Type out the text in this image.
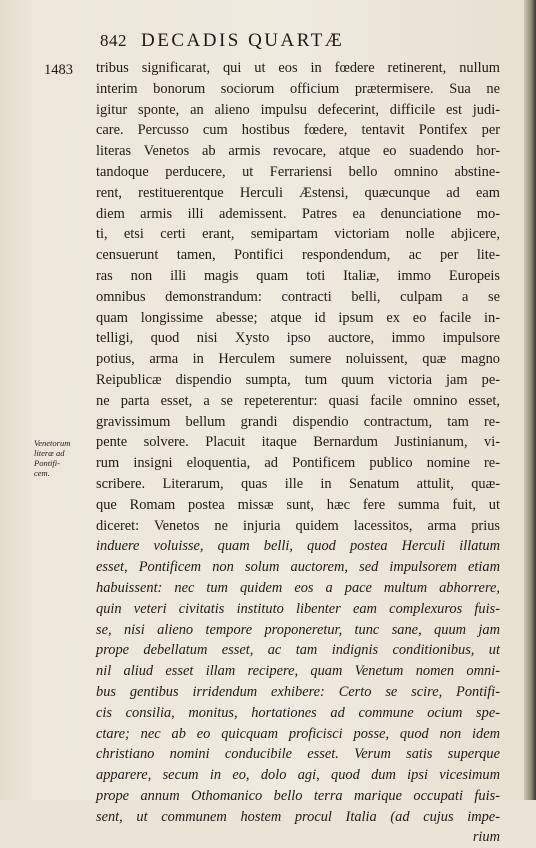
842 DECADIS QUARTÆ
1483
Venetorum
literæ ad
Pontifi-
cem.
tribus significarat, qui ut eos in fœdere retinerent, nullum
interim bonorum sociorum officium prætermisere. Sua ne
igitur sponte, an alieno impulsu defecerint, difficile est judi-
care. Percusso cum hostibus fœdere, tentavit Pontifex per
literas Venetos ab armis revocare, atque eo suadendo hor-
tandoque perducere, ut Ferrariensi bello omnino abstine-
rent, restituerentque Herculi Æstensi, quæcunque ad eam
diem armis illi ademissent. Patres ea denunciatione mo-
ti, etsi certi erant, semipartam victoriam nolle abjicere,
censuerunt tamen, Pontifici respondendum, ac per lite-
ras non illi magis quam toti Italiæ, immo Europeis
omnibus demonstrandum: contracti belli, culpam a se
quam longissime abesse; atque id ipsum ex eo facile in-
telligi, quod nisi Xysto ipso auctore, immo impulsore
potius, arma in Herculem sumere noluissent, quæ magno
Reipublicæ dispendio sumpta, tum quum victoria jam pe-
ne parta esset, a se repeterentur: quasi facile omnino esset,
gravissimum bellum grandi dispendio contractum, tam re-
pente solvere. Placuit itaque Bernardum Justinianum, vi-
rum insigni eloquentia, ad Pontificem publico nomine re-
scribere. Literarum, quas ille in Senatum attulit, quæ-
que Romam postea missæ sunt, hæc fere summa fuit, ut
diceret: Venetos ne injuria quidem lacessitos, arma prius
induere voluisse, quam belli, quod postea Herculi illatum
esset, Pontificem non solum auctorem, sed impulsorem etiam
habuissent: nec tum quidem eos a pace multum abhorrere,
quin veteri civitatis instituto libenter eam complexuros fuis-
se, nisi alieno tempore proponeretur, tunc sane, quum jam
prope debellatum esset, ac tam indignis conditionibus, ut
nil aliud esset illam recipere, quam Venetum nomen omni-
bus gentibus irridendum exhibere: Certo se scire, Pontifi-
cis consilia, monitus, hortationes ad commune ocium spe-
ctare; nec ab eo quicquam proficisci posse, quod non idem
christiano nomini conducibile esset. Verum satis superque
apparere, secum in eo, dolo agi, quod dum ipsi vicesimum
prope annum Othomanico bello terra marique occupati fuis-
sent, ut communem hostem procul Italia (ad cujus impe-
rium
